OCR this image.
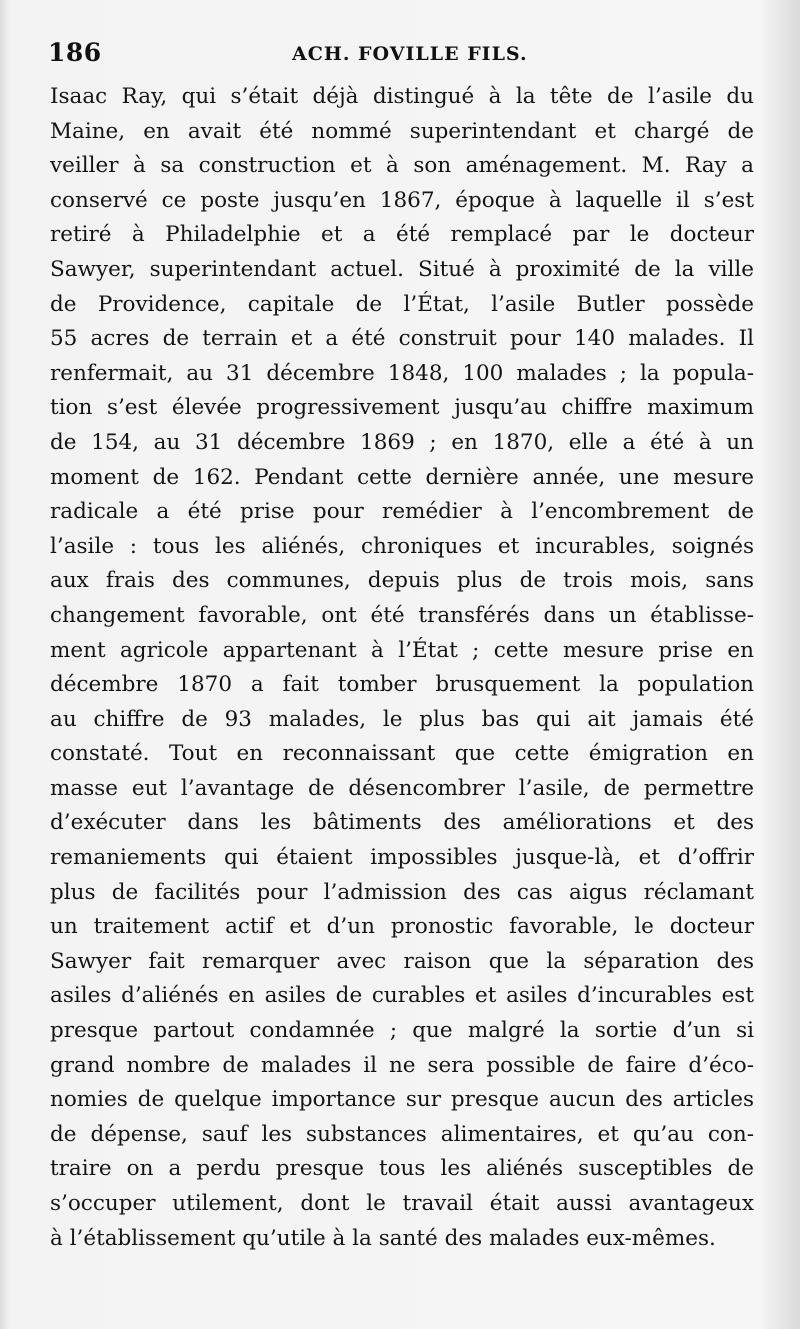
186	ACH. FOVILLE FILS.
Isaac Ray, qui s’était déjà distingué à la tête de l’asile du
Maine, en avait été nommé superintendant et chargé de
veiller à sa construction et à son aménagement. M. Ray a
conservé ce poste jusqu’en 1867, époque à laquelle il s’est
retiré à Philadelphie et a été remplacé par le docteur
Sawyer, superintendant actuel. Situé à proximité de la ville
de Providence, capitale de l’État, l’asile Butler possède
55 acres de terrain et a été construit pour 140 malades. Il
renfermait, au 31 décembre 1848, 100 malades ; la popula-
tion s’est élevée progressivement jusqu’au chiffre maximum
de 154, au 31 décembre 1869 ; en 1870, elle a été à un
moment de 162. Pendant cette dernière année, une mesure
radicale a été prise pour remédier à l’encombrement de
l’asile : tous les aliénés, chroniques et incurables, soignés
aux frais des communes, depuis plus de trois mois, sans
changement favorable, ont été transférés dans un établisse-
ment agricole appartenant à l’État ; cette mesure prise en
décembre 1870 a fait tomber brusquement la population
au chiffre de 93 malades, le plus bas qui ait jamais été
constaté. Tout en reconnaissant que cette émigration en
masse eut l’avantage de désencombrer l’asile, de permettre
d’exécuter dans les bâtiments des améliorations et des
remaniements qui étaient impossibles jusque-là, et d’offrir
plus de facilités pour l’admission des cas aigus réclamant
un traitement actif et d’un pronostic favorable, le docteur
Sawyer fait remarquer avec raison que la séparation des
asiles d’aliénés en asiles de curables et asiles d’incurables est
presque partout condamnée ; que malgré la sortie d’un si
grand nombre de malades il ne sera possible de faire d’éco-
nomies de quelque importance sur presque aucun des articles
de dépense, sauf les substances alimentaires, et qu’au con-
traire on a perdu presque tous les aliénés susceptibles de
s’occuper utilement, dont le travail était aussi avantageux
à l’établissement qu’utile à la santé des malades eux-mêmes.
